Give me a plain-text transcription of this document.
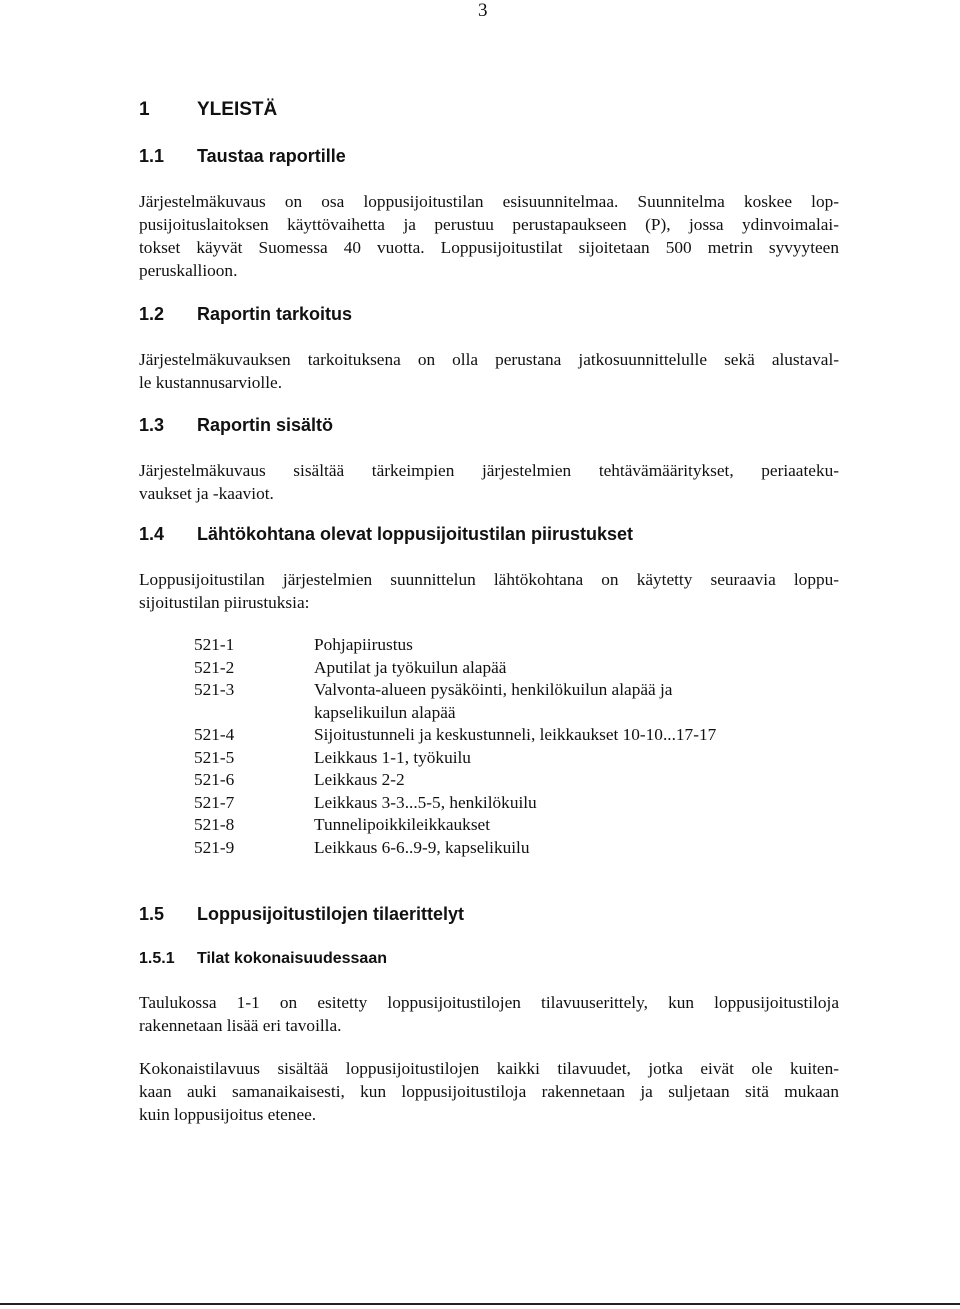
3
1 YLEISTÄ
1.1 Taustaa raportille
Järjestelmäkuvaus on osa loppusijoitustilan esisuunnitelmaa. Suunnitelma koskee lop-
pusijoituslaitoksen käyttövaihetta ja perustuu perustapaukseen (P), jossa ydinvoimalai-
tokset käyvät Suomessa 40 vuotta. Loppusijoitustilat sijoitetaan 500 metrin syvyyteen
peruskallioon.
1.2 Raportin tarkoitus
Järjestelmäkuvauksen tarkoituksena on olla perustana jatkosuunnittelulle sekä alustaval-
le kustannusarviolle.
1.3 Raportin sisältö
Järjestelmäkuvaus sisältää tärkeimpien järjestelmien tehtävämääritykset, periaateku-
vaukset ja -kaaviot.
1.4 Lähtökohtana olevat loppusijoitustilan piirustukset
Loppusijoitustilan järjestelmien suunnittelun lähtökohtana on käytetty seuraavia loppu-
sijoitustilan piirustuksia:
521-1	Pohjapiirustus
521-2	Aputilat ja työkuilun alapää
521-3	Valvonta-alueen pysäköinti, henkilökuilun alapää ja
kapselikuilun alapää
521-4	Sijoitustunneli ja keskustunneli, leikkaukset 10-10...17-17
521-5	Leikkaus 1-1, työkuilu
521-6	Leikkaus 2-2
521-7	Leikkaus 3-3...5-5, henkilökuilu
521-8	Tunnelipoikkileikkaukset
521-9	Leikkaus 6-6..9-9, kapselikuilu
1.5 Loppusijoitustilojen tilaerittelyt
1.5.1 Tilat kokonaisuudessaan
Taulukossa 1-1 on esitetty loppusijoitustilojen tilavuuserittely, kun loppusijoitustiloja
rakennetaan lisää eri tavoilla.
Kokonaistilavuus sisältää loppusijoitustilojen kaikki tilavuudet, jotka eivät ole kuiten-
kaan auki samanaikaisesti, kun loppusijoitustiloja rakennetaan ja suljetaan sitä mukaan
kuin loppusijoitus etenee.
